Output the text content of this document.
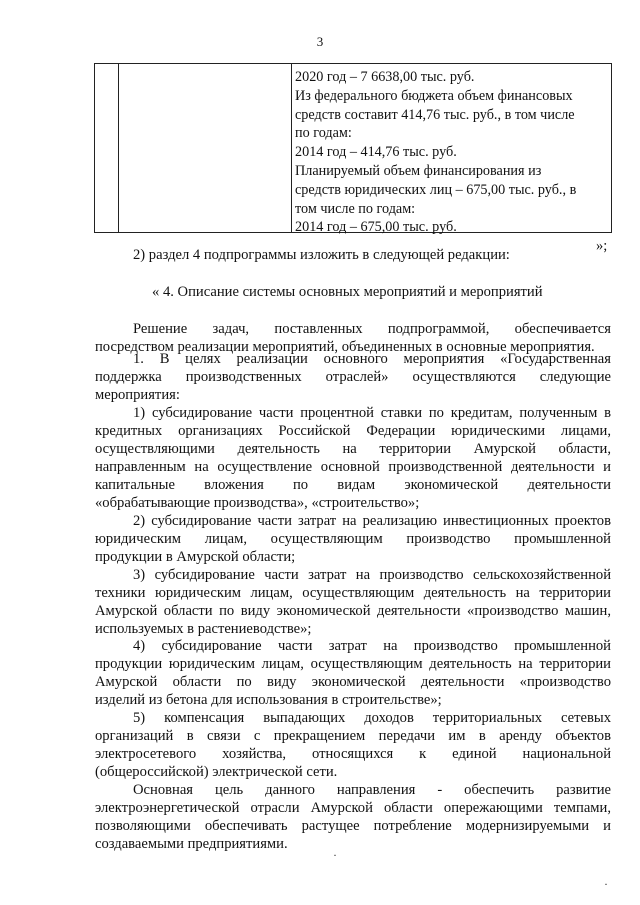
3
2020 год – 7 6638,00 тыс. руб.
Из федерального бюджета объем финансовых
средств составит 414,76 тыс. руб., в том числе
по годам:
2014 год – 414,76 тыс. руб.
Планируемый объем финансирования из
средств юридических лиц – 675,00 тыс. руб., в
том числе по годам:
2014 год – 675,00 тыс. руб.
»;
2) раздел 4 подпрограммы изложить в следующей редакции:
« 4. Описание системы основных мероприятий и мероприятий
Решение задач, поставленных подпрограммой, обеспечивается
посредством реализации мероприятий, объединенных в основные мероприятия.
1. В целях реализации основного мероприятия «Государственная
поддержка производственных отраслей» осуществляются следующие
мероприятия:
1) субсидирование части процентной ставки по кредитам, полученным в
кредитных организациях Российской Федерации юридическими лицами,
осуществляющими деятельность на территории Амурской области,
направленным на осуществление основной производственной деятельности и
капитальные вложения по видам экономической деятельности
«обрабатывающие производства», «строительство»;
2) субсидирование части затрат на реализацию инвестиционных проектов
юридическим лицам, осуществляющим производство промышленной
продукции в Амурской области;
3) субсидирование части затрат на производство сельскохозяйственной
техники юридическим лицам, осуществляющим деятельность на территории
Амурской области по виду экономической деятельности «производство машин,
используемых в растениеводстве»;
4) субсидирование части затрат на производство промышленной
продукции юридическим лицам, осуществляющим деятельность на территории
Амурской области по виду экономической деятельности «производство
изделий из бетона для использования в строительстве»;
5) компенсация выпадающих доходов территориальных сетевых
организаций в связи с прекращением передачи им в аренду объектов
электросетевого хозяйства, относящихся к единой национальной
(общероссийской) электрической сети.
Основная цель данного направления - обеспечить развитие
электроэнергетической отрасли Амурской области опережающими темпами,
позволяющими обеспечивать растущее потребление модернизируемыми и
создаваемыми предприятиями.
·
·
